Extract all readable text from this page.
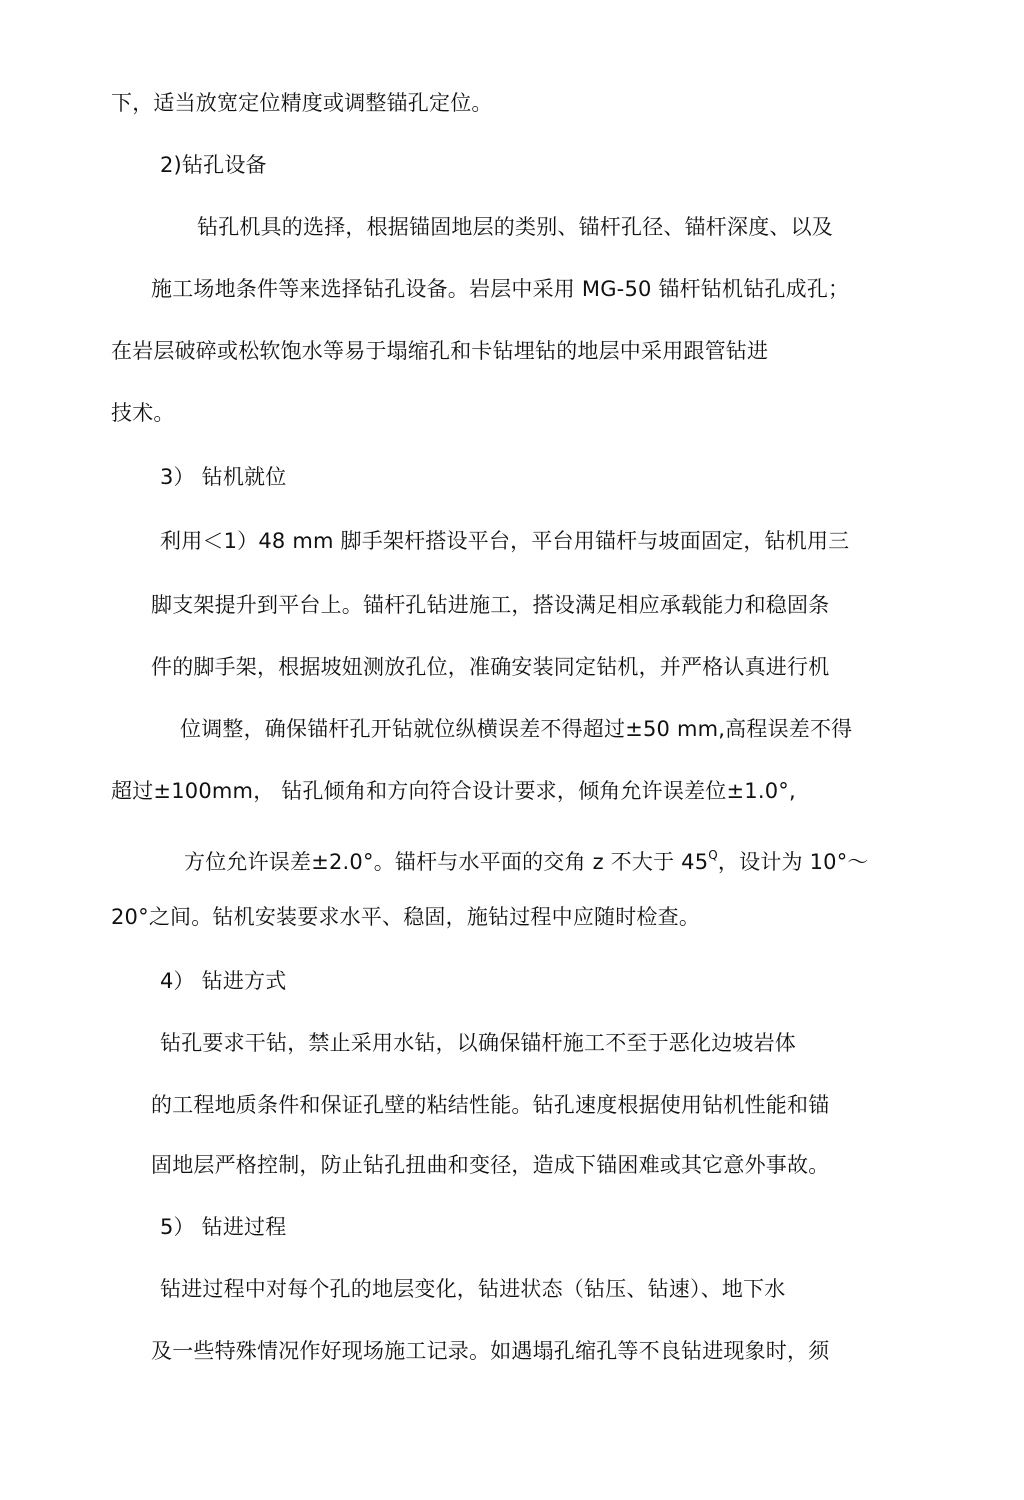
下，适当放宽定位精度或调整锚孔定位。
2)钻孔设备
钻孔机具的选择，根据锚固地层的类别、锚杆孔径、锚杆深度、以及
施工场地条件等来选择钻孔设备。岩层中采用 MG-50 锚杆钻机钻孔成孔；
在岩层破碎或松软饱水等易于塌缩孔和卡钻埋钻的地层中采用跟管钻进
技术。
3） 钻机就位
利用＜1）48 mm 脚手架杆搭设平台，平台用锚杆与坡面固定，钻机用三
脚支架提升到平台上。锚杆孔钻进施工，搭设满足相应承载能力和稳固条
件的脚手架，根据坡妞测放孔位，准确安装同定钻机，并严格认真进行机
位调整，确保锚杆孔开钻就位纵横误差不得超过±50 mm,高程误差不得
超过±100mm， 钻孔倾角和方向符合设计要求，倾角允许误差位±1.0°,
方位允许误差±2.0°。锚杆与水平面的交角 z 不大于 $45^Q$，设计为 10°～
20°之间。钻机安装要求水平、稳固，施钻过程中应随时检查。
4） 钻进方式
钻孔要求干钻，禁止采用水钻，以确保锚杆施工不至于恶化边坡岩体
的工程地质条件和保证孔壁的粘结性能。钻孔速度根据使用钻机性能和锚
固地层严格控制，防止钻孔扭曲和变径，造成下锚困难或其它意外事故。
5） 钻进过程
钻进过程中对每个孔的地层变化，钻进状态（钻压、钻速）、地下水
及一些特殊情况作好现场施工记录。如遇塌孔缩孔等不良钻进现象时，须
